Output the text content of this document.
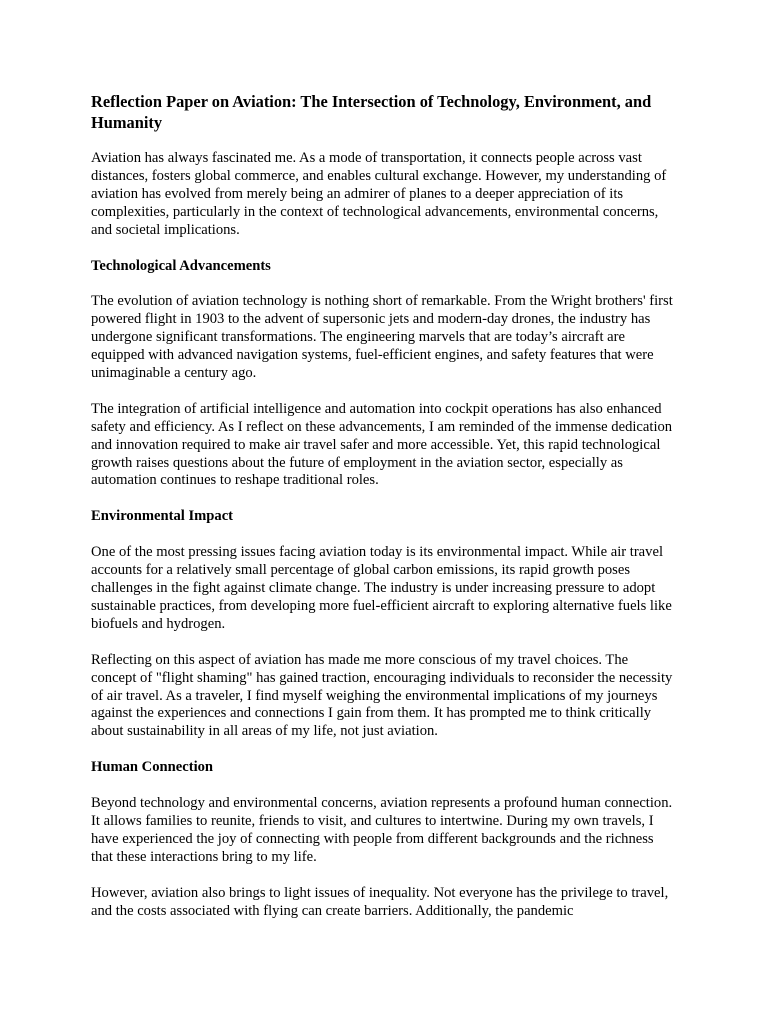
Reflection Paper on Aviation: The Intersection of Technology, Environment, and Humanity

Aviation has always fascinated me. As a mode of transportation, it connects people across vast distances, fosters global commerce, and enables cultural exchange. However, my understanding of aviation has evolved from merely being an admirer of planes to a deeper appreciation of its complexities, particularly in the context of technological advancements, environmental concerns, and societal implications.

Technological Advancements

The evolution of aviation technology is nothing short of remarkable. From the Wright brothers' first powered flight in 1903 to the advent of supersonic jets and modern-day drones, the industry has undergone significant transformations. The engineering marvels that are today’s aircraft are equipped with advanced navigation systems, fuel-efficient engines, and safety features that were unimaginable a century ago.

The integration of artificial intelligence and automation into cockpit operations has also enhanced safety and efficiency. As I reflect on these advancements, I am reminded of the immense dedication and innovation required to make air travel safer and more accessible. Yet, this rapid technological growth raises questions about the future of employment in the aviation sector, especially as automation continues to reshape traditional roles.

Environmental Impact

One of the most pressing issues facing aviation today is its environmental impact. While air travel accounts for a relatively small percentage of global carbon emissions, its rapid growth poses challenges in the fight against climate change. The industry is under increasing pressure to adopt sustainable practices, from developing more fuel-efficient aircraft to exploring alternative fuels like biofuels and hydrogen.

Reflecting on this aspect of aviation has made me more conscious of my travel choices. The concept of "flight shaming" has gained traction, encouraging individuals to reconsider the necessity of air travel. As a traveler, I find myself weighing the environmental implications of my journeys against the experiences and connections I gain from them. It has prompted me to think critically about sustainability in all areas of my life, not just aviation.

Human Connection

Beyond technology and environmental concerns, aviation represents a profound human connection. It allows families to reunite, friends to visit, and cultures to intertwine. During my own travels, I have experienced the joy of connecting with people from different backgrounds and the richness that these interactions bring to my life.

However, aviation also brings to light issues of inequality. Not everyone has the privilege to travel, and the costs associated with flying can create barriers. Additionally, the pandemic
